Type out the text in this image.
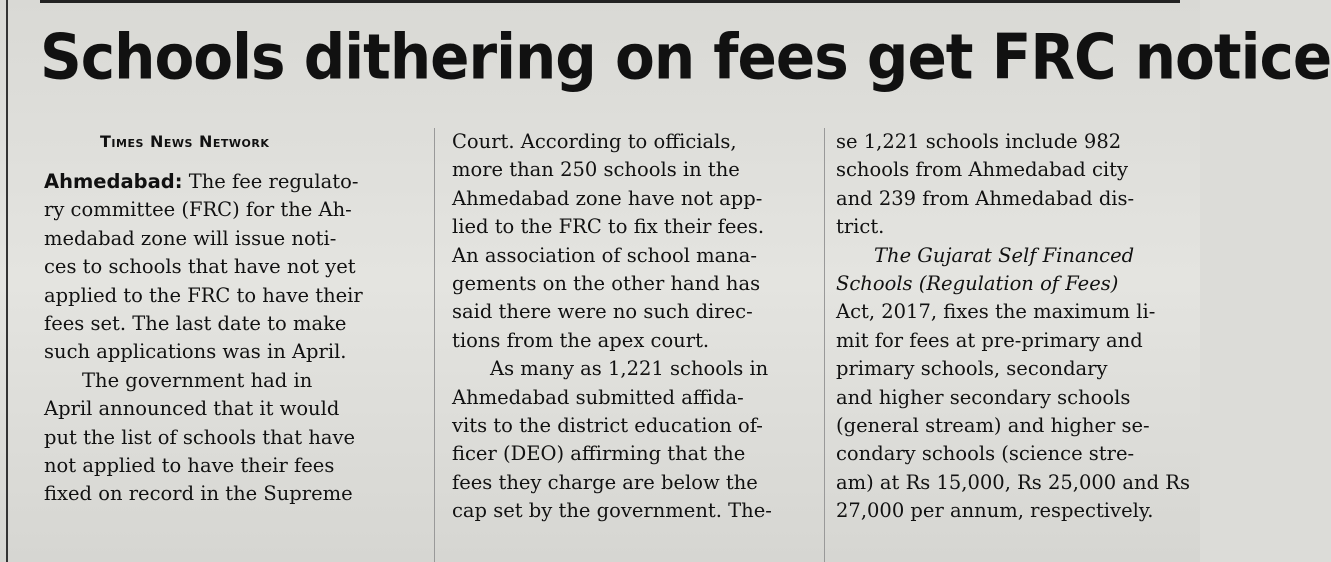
Schools dithering on fees get FRC notice
Times News Network
Ahmedabad: The fee regulato-
ry committee (FRC) for the Ah-
medabad zone will issue noti-
ces to schools that have not yet
applied to the FRC to have their
fees set. The last date to make
such applications was in April.
The government had in
April announced that it would
put the list of schools that have
not applied to have their fees
fixed on record in the Supreme
Court. According to officials,
more than 250 schools in the
Ahmedabad zone have not app-
lied to the FRC to fix their fees.
An association of school mana-
gements on the other hand has
said there were no such direc-
tions from the apex court.
As many as 1,221 schools in
Ahmedabad submitted affida-
vits to the district education of-
ficer (DEO) affirming that the
fees they charge are below the
cap set by the government. The-
se 1,221 schools include 982
schools from Ahmedabad city
and 239 from Ahmedabad dis-
trict.
The Gujarat Self Financed
Schools (Regulation of Fees)
Act, 2017, fixes the maximum li-
mit for fees at pre-primary and
primary schools, secondary
and higher secondary schools
(general stream) and higher se-
condary schools (science stre-
am) at Rs 15,000, Rs 25,000 and Rs
27,000 per annum, respectively.
